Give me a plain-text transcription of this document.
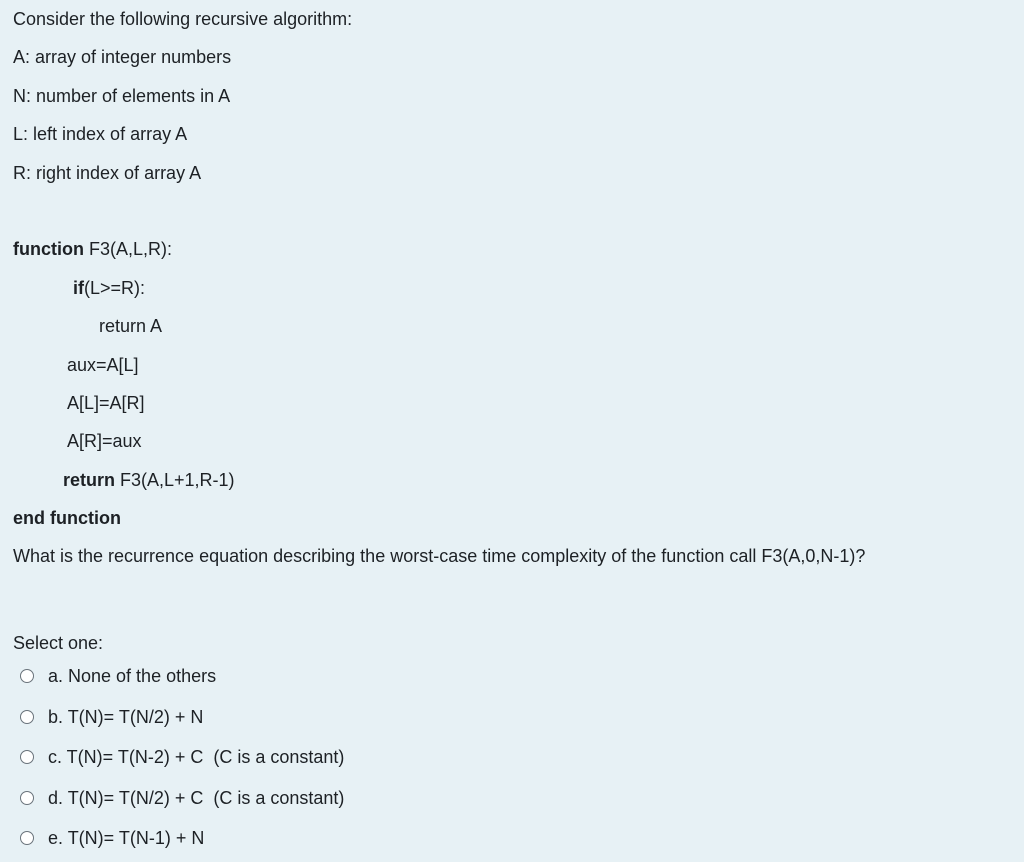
Consider the following recursive algorithm:
A: array of integer numbers
N: number of elements in A
L: left index of array A
R: right index of array A
function F3(A,L,R):
if(L>=R):
return A
aux=A[L]
A[L]=A[R]
A[R]=aux
return F3(A,L+1,R-1)
end function
What is the recurrence equation describing the worst-case time complexity of the function call F3(A,0,N-1)?
Select one:
a. None of the others
b. T(N)= T(N/2) + N
c. T(N)= T(N-2) + C  (C is a constant)
d. T(N)= T(N/2) + C  (C is a constant)
e. T(N)= T(N-1) + N
